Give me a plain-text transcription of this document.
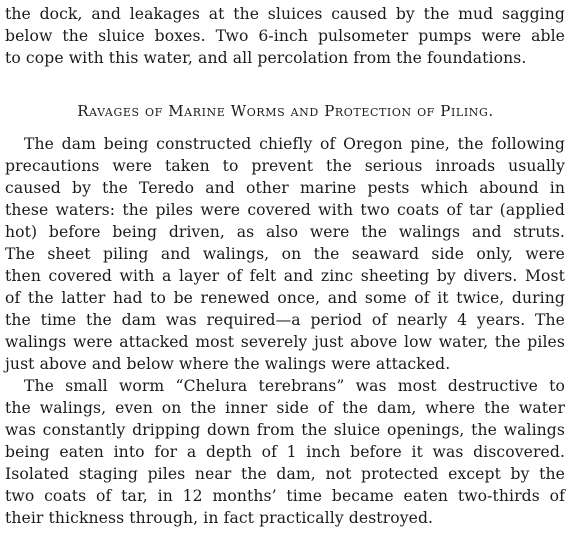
the dock, and leakages at the sluices caused by the mud sagging
below the sluice boxes. Two 6-inch pulsometer pumps were able
to cope with this water, and all percolation from the foundations.
Ravages of Marine Worms and Protection of Piling.
The dam being constructed chiefly of Oregon pine, the following
precautions were taken to prevent the serious inroads usually
caused by the Teredo and other marine pests which abound in
these waters: the piles were covered with two coats of tar (applied
hot) before being driven, as also were the walings and struts.
The sheet piling and walings, on the seaward side only, were
then covered with a layer of felt and zinc sheeting by divers. Most
of the latter had to be renewed once, and some of it twice, during
the time the dam was required—a period of nearly 4 years. The
walings were attacked most severely just above low water, the piles
just above and below where the walings were attacked.
The small worm “Chelura terebrans” was most destructive to
the walings, even on the inner side of the dam, where the water
was constantly dripping down from the sluice openings, the walings
being eaten into for a depth of 1 inch before it was discovered.
Isolated staging piles near the dam, not protected except by the
two coats of tar, in 12 months’ time became eaten two-thirds of
their thickness through, in fact practically destroyed.
